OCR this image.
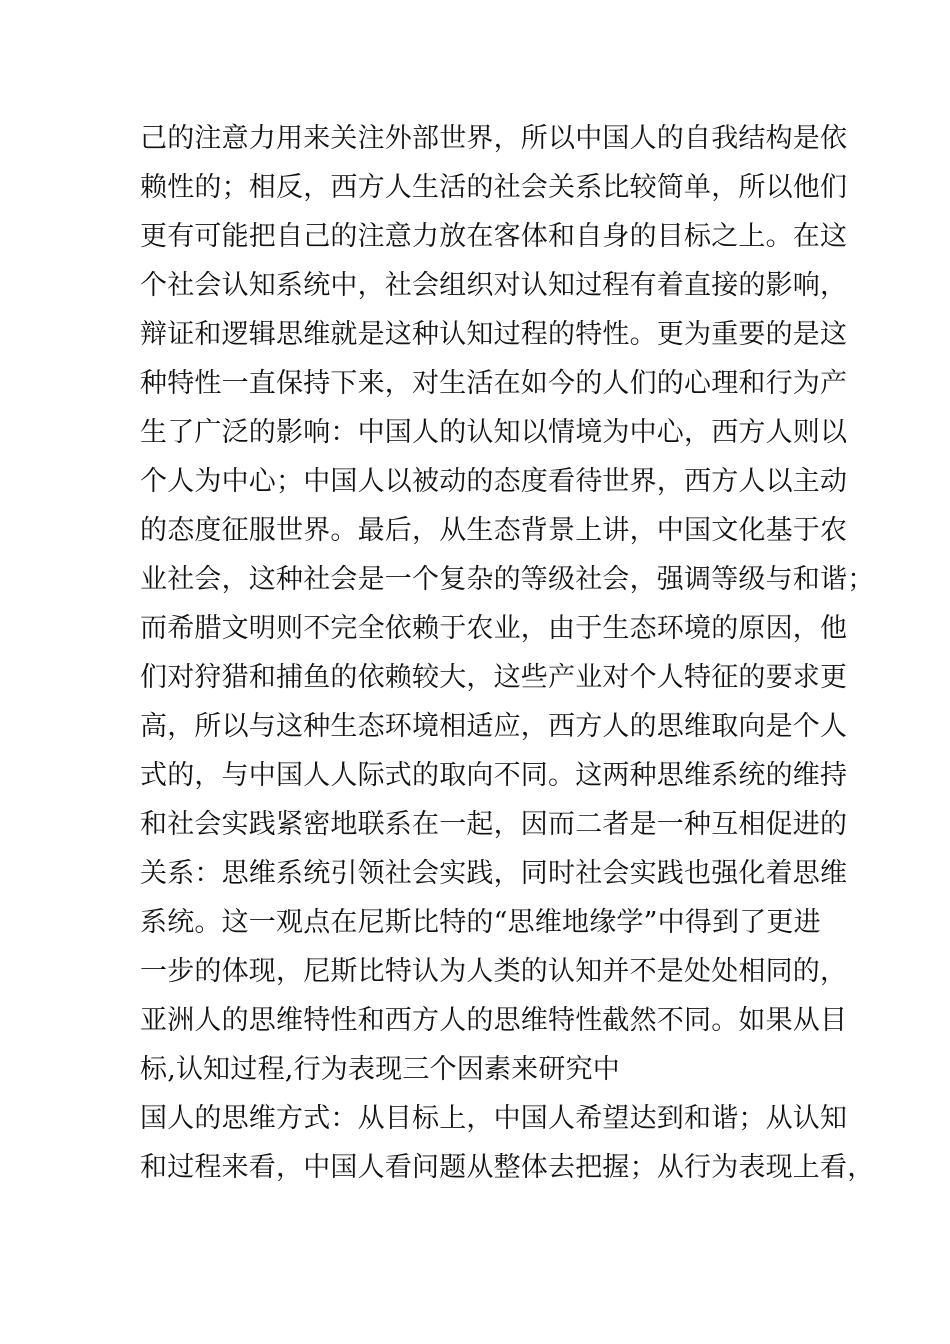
己的注意力用来关注外部世界，所以中国人的自我结构是依
赖性的；相反，西方人生活的社会关系比较简单，所以他们
更有可能把自己的注意力放在客体和自身的目标之上。在这
个社会认知系统中，社会组织对认知过程有着直接的影响，
辩证和逻辑思维就是这种认知过程的特性。更为重要的是这
种特性一直保持下来，对生活在如今的人们的心理和行为产
生了广泛的影响：中国人的认知以情境为中心，西方人则以
个人为中心；中国人以被动的态度看待世界，西方人以主动
的态度征服世界。最后，从生态背景上讲，中国文化基于农
业社会，这种社会是一个复杂的等级社会，强调等级与和谐；
而希腊文明则不完全依赖于农业，由于生态环境的原因，他
们对狩猎和捕鱼的依赖较大，这些产业对个人特征的要求更
高，所以与这种生态环境相适应，西方人的思维取向是个人
式的，与中国人人际式的取向不同。这两种思维系统的维持
和社会实践紧密地联系在一起，因而二者是一种互相促进的
关系：思维系统引领社会实践，同时社会实践也强化着思维
系统。这一观点在尼斯比特的“思维地缘学”中得到了更进
一步的体现，尼斯比特认为人类的认知并不是处处相同的，
亚洲人的思维特性和西方人的思维特性截然不同。如果从目
标,认知过程,行为表现三个因素来研究中
国人的思维方式：从目标上，中国人希望达到和谐；从认知
和过程来看，中国人看问题从整体去把握；从行为表现上看，
